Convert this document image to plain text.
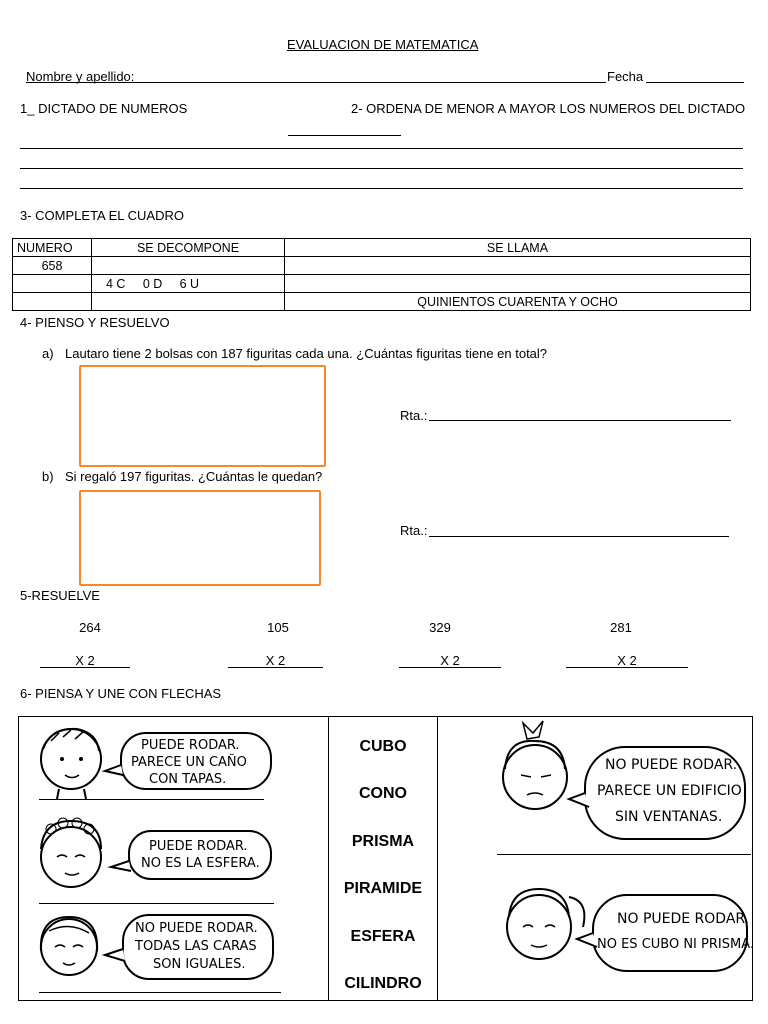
EVALUACION DE MATEMATICA
Nombre y apellido:	Fecha
1_ DICTADO DE NUMEROS	2- ORDENA DE MENOR A MAYOR LOS NUMEROS DEL DICTADO
3- COMPLETA EL CUADRO
NUMERO	SE DECOMPONE	SE LLAMA
658		
	4 C     0 D     6 U	
		QUINIENTOS CUARENTA Y OCHO
4- PIENSO Y RESUELVO
a) Lautaro tiene 2 bolsas con 187 figuritas cada una. ¿Cuántas figuritas tiene en total?
Rta.:
b) Si regaló 197 figuritas. ¿Cuántas le quedan?
Rta.:
5-RESUELVE
264	105	329	281
X 2	X 2	X 2	X 2
6- PIENSA Y UNE CON FLECHAS
PUEDE RODAR.
PARECE UN CAÑO
CON TAPAS.
PUEDE RODAR.
NO ES LA ESFERA.
NO PUEDE RODAR.
TODAS LAS CARAS
SON IGUALES.
CUBO
CONO
PRISMA
PIRAMIDE
ESFERA
CILINDRO
NO PUEDE RODAR.
PARECE UN EDIFICIO
SIN VENTANAS.
NO PUEDE RODAR.
NO ES CUBO NI PRISMA.
